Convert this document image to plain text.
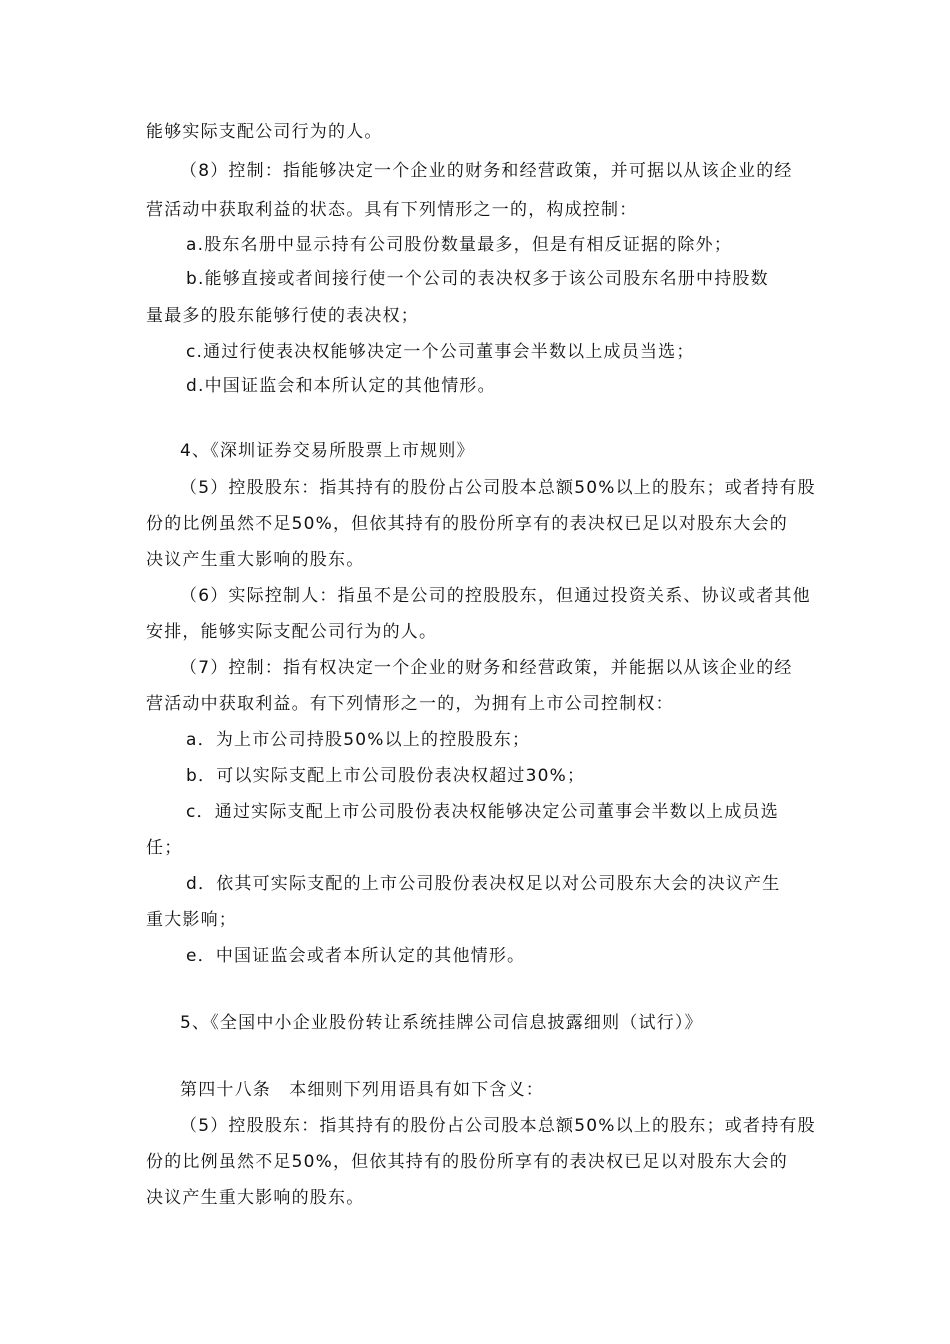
能够实际支配公司行为的人。
（8）控制：指能够决定一个企业的财务和经营政策，并可据以从该企业的经
营活动中获取利益的状态。具有下列情形之一的，构成控制：
a.股东名册中显示持有公司股份数量最多，但是有相反证据的除外；
b.能够直接或者间接行使一个公司的表决权多于该公司股东名册中持股数
量最多的股东能够行使的表决权；
c.通过行使表决权能够决定一个公司董事会半数以上成员当选；
d.中国证监会和本所认定的其他情形。
4、《深圳证券交易所股票上市规则》
（5）控股股东：指其持有的股份占公司股本总额50%以上的股东；或者持有股
份的比例虽然不足50%，但依其持有的股份所享有的表决权已足以对股东大会的
决议产生重大影响的股东。
（6）实际控制人：指虽不是公司的控股股东，但通过投资关系、协议或者其他
安排，能够实际支配公司行为的人。
（7）控制：指有权决定一个企业的财务和经营政策，并能据以从该企业的经
营活动中获取利益。有下列情形之一的，为拥有上市公司控制权：
a．为上市公司持股50%以上的控股股东；
b．可以实际支配上市公司股份表决权超过30%；
c．通过实际支配上市公司股份表决权能够决定公司董事会半数以上成员选
任；
d．依其可实际支配的上市公司股份表决权足以对公司股东大会的决议产生
重大影响；
e．中国证监会或者本所认定的其他情形。
5、《全国中小企业股份转让系统挂牌公司信息披露细则（试行）》
第四十八条　本细则下列用语具有如下含义：
（5）控股股东：指其持有的股份占公司股本总额50%以上的股东；或者持有股
份的比例虽然不足50%，但依其持有的股份所享有的表决权已足以对股东大会的
决议产生重大影响的股东。
